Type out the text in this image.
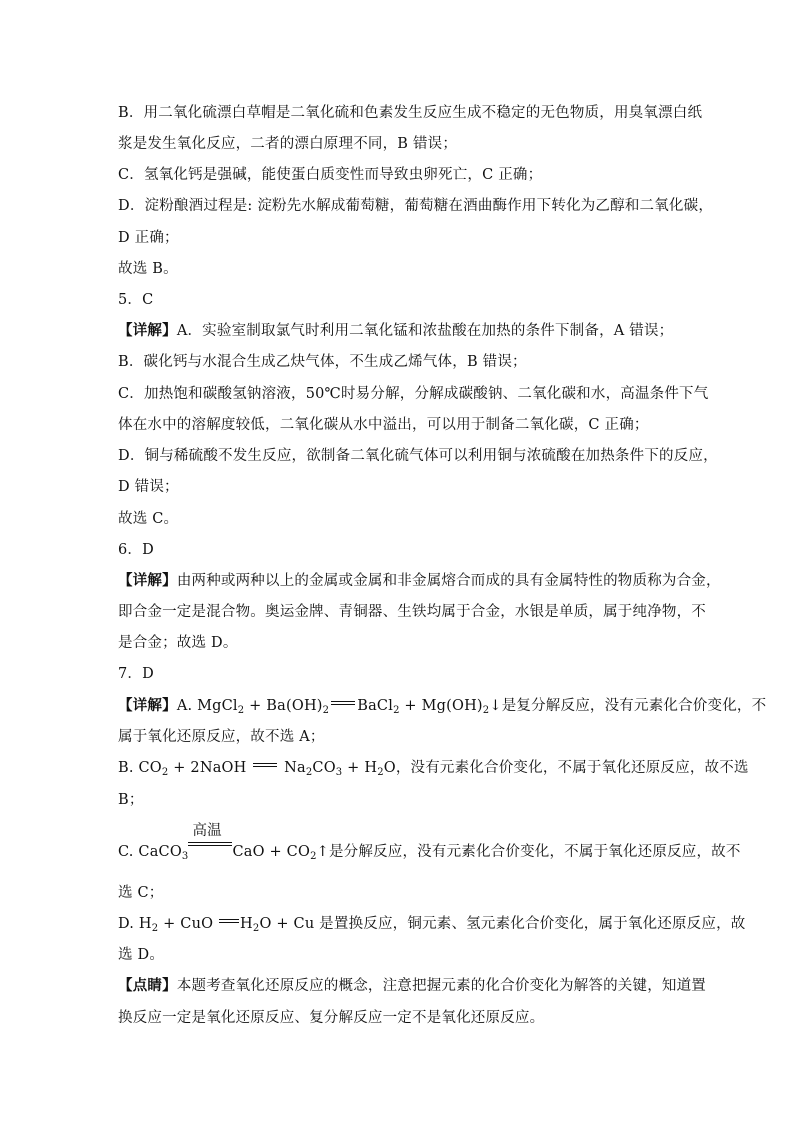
B．用二氧化硫漂白草帽是二氧化硫和色素发生反应生成不稳定的无色物质，用臭氧漂白纸
浆是发生氧化反应，二者的漂白原理不同，B 错误；
C．氢氧化钙是强碱，能使蛋白质变性而导致虫卵死亡，C 正确；
D．淀粉酿酒过程是: 淀粉先水解成葡萄糖，葡萄糖在酒曲酶作用下转化为乙醇和二氧化碳，
D 正确；
故选 B。
5．C
【详解】A．实验室制取氯气时利用二氧化锰和浓盐酸在加热的条件下制备，A 错误；
B．碳化钙与水混合生成乙炔气体，不生成乙烯气体，B 错误；
C．加热饱和碳酸氢钠溶液，50℃时易分解，分解成碳酸钠、二氧化碳和水，高温条件下气
体在水中的溶解度较低，二氧化碳从水中溢出，可以用于制备二氧化碳，C 正确；
D．铜与稀硫酸不发生反应，欲制备二氧化硫气体可以利用铜与浓硫酸在加热条件下的反应，
D 错误；
故选 C。
6．D
【详解】由两种或两种以上的金属或金属和非金属熔合而成的具有金属特性的物质称为合金，
即合金一定是混合物。奥运金牌、青铜器、生铁均属于合金，水银是单质，属于纯净物，不
是合金；故选 D。
7．D
【详解】A. MgCl$_2$ + $Ba(OH)_2$ BaCl$_2$ + $Mg(OH)_2↓$是复分解反应，没有元素化合价变化，不
属于氧化还原反应，故不选 A；
B. $CO_2$ + 2NaOH  $Na_2CO_3 + H_2O$，没有元素化合价变化，不属于氧化还原反应，故不选
B；
C. CaCO$_3$
高温
CaO + $CO_2↑$是分解反应，没有元素化合价变化，不属于氧化还原反应，故不
选 C；
D. $H_2$ + CuO $H_2O + Cu$ 是置换反应，铜元素、氢元素化合价变化，属于氧化还原反应，故
选 D。
【点睛】本题考查氧化还原反应的概念，注意把握元素的化合价变化为解答的关键，知道置
换反应一定是氧化还原反应、复分解反应一定不是氧化还原反应。
